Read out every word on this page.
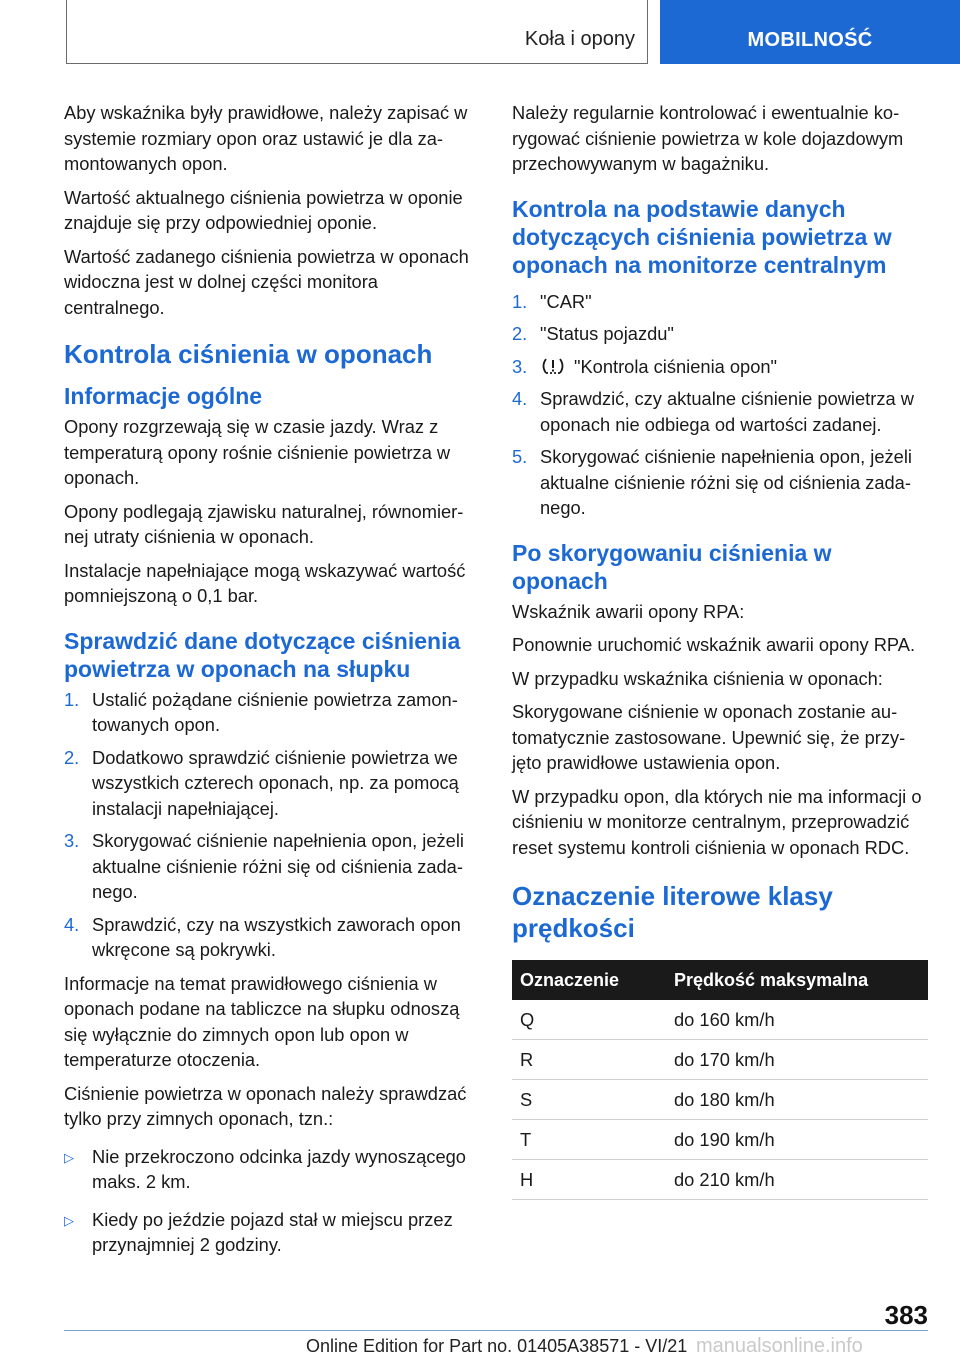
Koła i opony	MOBILNOŚĆ

Aby wskaźnika były prawidłowe, należy zapisać w systemie rozmiary opon oraz ustawić je dla zamontowanych opon.

Wartość aktualnego ciśnienia powietrza w oponie znajduje się przy odpowiedniej oponie.

Wartość zadanego ciśnienia powietrza w oponach widoczna jest w dolnej części monitora centralnego.

Kontrola ciśnienia w oponach
Informacje ogólne

Opony rozgrzewają się w czasie jazdy. Wraz z temperaturą opony rośnie ciśnienie powietrza w oponach.

Opony podlegają zjawisku naturalnej, równomiernej utraty ciśnienia w oponach.

Instalacje napełniające mogą wskazywać wartość pomniejszoną o 0,1 bar.

Sprawdzić dane dotyczące ciśnienia powietrza w oponach na słupku
1. Ustalić pożądane ciśnienie powietrza zamontowanych opon.
2. Dodatkowo sprawdzić ciśnienie powietrza we wszystkich czterech oponach, np. za pomocą instalacji napełniającej.
3. Skorygować ciśnienie napełnienia opon, jeżeli aktualne ciśnienie różni się od ciśnienia zadanego.
4. Sprawdzić, czy na wszystkich zaworach opon wkręcone są pokrywki.

Informacje na temat prawidłowego ciśnienia w oponach podane na tabliczce na słupku odnoszą się wyłącznie do zimnych opon lub opon w temperaturze otoczenia.

Ciśnienie powietrza w oponach należy sprawdzać tylko przy zimnych oponach, tzn.:

▷ Nie przekroczono odcinka jazdy wynoszącego maks. 2 km.
▷ Kiedy po jeździe pojazd stał w miejscu przez przynajmniej 2 godziny.

Należy regularnie kontrolować i ewentualnie korygować ciśnienie powietrza w kole dojazdowym przechowywanym w bagażniku.

Kontrola na podstawie danych dotyczących ciśnienia powietrza w oponach na monitorze centralnym
1. "CAR"
2. "Status pojazdu"
3.	"Kontrola ciśnienia opon"
4. Sprawdzić, czy aktualne ciśnienie powietrza w oponach nie odbiega od wartości zadanej.
5. Skorygować ciśnienie napełnienia opon, jeżeli aktualne ciśnienie różni się od ciśnienia zadanego.
Po skorygowaniu ciśnienia w oponach

Wskaźnik awarii opony RPA:

Ponownie uruchomić wskaźnik awarii opony RPA.

W przypadku wskaźnika ciśnienia w oponach:

Skorygowane ciśnienie w oponach zostanie automatycznie zastosowane. Upewnić się, że przyjęto prawidłowe ustawienia opon.

W przypadku opon, dla których nie ma informacji o ciśnieniu w monitorze centralnym, przeprowadzić reset systemu kontroli ciśnienia w oponach RDC.

Oznaczenie literowe klasy prędkości
Oznaczenie	Prędkość maksymalna
Q	do 160 km/h
R	do 170 km/h
S	do 180 km/h
T	do 190 km/h
H	do 210 km/h
383
Online Edition for Part no. 01405A38571 - VI/21 manualsonline.info
